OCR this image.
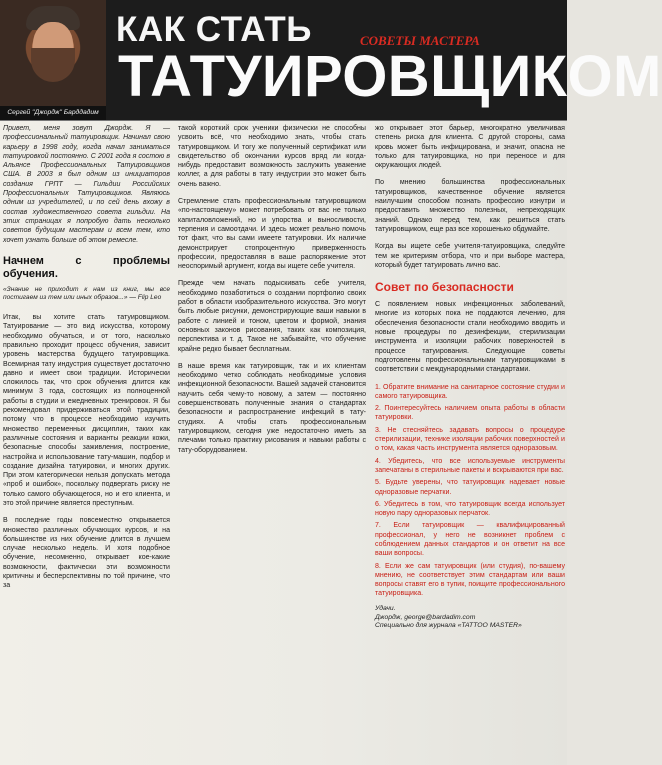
КАК СТАТЬ
ТАТУИРОВЩИКОМ
СОВЕТЫ МАСТЕРА
Сергей "Джордж" Барддадим

Привет, меня зовут Джордж. Я — профессиональный татуировщик. Начинал свою карьеру в 1998 году, когда начал заниматься татуировкой постоянно. С 2001 года я состою в Альянсе Профессиональных Татуировщиков США. В 2003 я был одним из инициаторов создания ГРПТ — Гильдии Российских Профессиональных Татуировщиков. Являюсь одним из учредителей, и по сей день вхожу в состав художественного совета гильдии. На этих страницах я попробую дать несколько советов будущим мастерам и всем тем, кто хочет узнать больше об этом ремесле.

Начнем с проблемы обучения.

«Знание не приходит к нам из книг, мы все постигаем из тем или иных образов...» — Flip Leo

Итак, вы хотите стать татуировщиком. Татуирование — это вид искусства, которому необходимо обучаться, и от того, насколько правильно проходит процесс обучения, зависит уровень мастерства будущего татуировщика. Всемирная тату индустрия существует достаточно давно и имеет свои традиции. Исторически сложилось так, что срок обучения длится как минимум 3 года, состоящих из полноценной работы в студии и ежедневных тренировок. Я бы рекомендовал придерживаться этой традиции, потому что в процессе необходимо изучить множество переменных дисциплин, таких как различные состояния и варианты реакции кожи, безопасные способы заживления, построение, настройка и использование тату-машин, подбор и создание дизайна татуировки, и многих других. При этом категорически нельзя допускать метода «проб и ошибок», поскольку подвергать риску не только самого обучающегося, но и его клиента, и это этой причине является преступным.

В последние годы повсеместно открывается множество различных обучающих курсов, и на большинстве из них обучение длится в лучшем случае несколько недель. И хотя подобное обучение, несомненно, открывает кое-какие возможности, фактически эти возможности критичны и бесперспективны по той причине, что за

такой короткий срок ученики физически не способны усвоить всё, что необходимо знать, чтобы стать татуировщиком. И тогу же полученный сертификат или свидетельство об окончании курсов вряд ли когда-нибудь предоставит возможность заслужить уважение коллег, а для работы в тату индустрии это может быть очень важно.

Стремление стать профессиональным татуировщиком «по-настоящему» может потребовать от вас не только капиталовложений, но и упорства и выносливости, терпения и самоотдачи. И здесь может реально помочь тот факт, что вы сами имеете татуировки. Их наличие демонстрирует стопроцентную приверженность профессии, предоставляя в ваше распоряжение этот неоспоримый аргумент, когда вы ищете себе учителя.

Прежде чем начать подыскивать себе учителя, необходимо позаботиться о создании портфолио своих работ в области изобразительного искусства. Это могут быть любые рисунки, демонстрирующие ваши навыки в работе с линией и тоном, цветом и формой, знания основных законов рисования, таких как композиция, перспектива и т. д. Такое не забывайте, что обучение крайне редко бывает бесплатным.

В наше время как татуировщик, так и их клиентам необходимо четко соблюдать необходимые условия инфекционной безопасности. Вашей задачей становится научить себя чему-то новому, а затем — постоянно совершенствовать полученные знания о стандартах безопасности и распространение инфекций в тату-студиях. А чтобы стать профессиональным татуировщиком, сегодня уже недостаточно иметь за плечами только практику рисования и навыки работы с тату-оборудованием.

жо открывает этот барьер, многократно увеличивая степень риска для клиента. С другой стороны, сама кровь может быть инфицирована, и значит, опасна не только для татуировщика, но при переносе и для окружающих людей.

По мнению большинства профессиональных татуировщиков, качественное обучение является наилучшим способом познать профессию изнутри и предоставить множество полезных, непреходящих знаний. Однако перед тем, как решиться стать татуировщиком, еще раз все хорошенько обдумайте.

Когда вы ищете себе учителя-татуировщика, следуйте тем же критериям отбора, что и при выборе мастера, который будет татуировать лично вас.

Совет по безопасности

С появлением новых инфекционных заболеваний, многие из которых пока не поддаются лечению, для обеспечения безопасности стали необходимо вводить и новые процедуры по дезинфекции, стерилизации инструмента и изоляции рабочих поверхностей в процессе татуирования. Следующие советы подготовлены профессиональными татуировщиками в соответствии с международными стандартами.

1. Обратите внимание на санитарное состояние студии и самого татуировщика.
2. Поинтересуйтесь наличием опыта работы в области татуировки.
3. Не стесняйтесь задавать вопросы о процедуре стерилизации, технике изоляции рабочих поверхностей и о том, какая часть инструмента является одноразовым.
4. Убедитесь, что все используемые инструменты запечатаны в стерильные пакеты и вскрываются при вас.
5. Будьте уверены, что татуировщик надевает новые одноразовые перчатки.
6. Убедитесь в том, что татуировщик всегда использует новую пару одноразовых перчаток.
7. Если татуировщик — квалифицированный профессионал, у него не возникнет проблем с соблюдением данных стандартов и он ответит на все ваши вопросы.
8. Если же сам татуировщик (или студия), по-вашему мнению, не соответствует этим стандартам или ваши вопросы ставят его в тупик, поищите профессионального татуировщика.
Удачи.
Джордж, george@bardadim.com
Специально для журнала «TATTOO MASTER»
